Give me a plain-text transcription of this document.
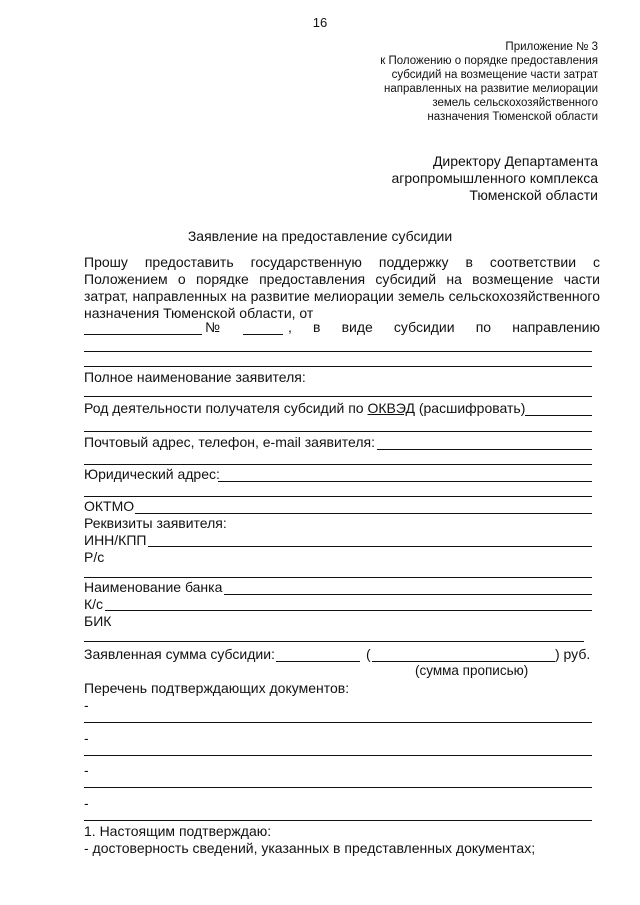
16
Приложение № 3
к Положению о порядке предоставления
субсидий на возмещение части затрат
направленных на развитие мелиорации
земель сельскохозяйственного
назначения Тюменской области
Директору Департамента
агропромышленного комплекса
Тюменской области
Заявление на предоставление субсидии
Прошу предоставить государственную поддержку в соответствии с Положением о порядке предоставления субсидий на возмещение части затрат, направленных на развитие мелиорации земель сельскохозяйственного назначения Тюменской области, от
№	, в виде субсидии по направлению
Полное наименование заявителя:
Род деятельности получателя субсидий по ОКВЭД (расшифровать)
Почтовый адрес, телефон, e-mail заявителя:
Юридический адрес:
ОКТМО
Реквизиты заявителя:
ИНН/КПП
Р/с
Наименование банка
К/с
БИК
Заявленная сумма субсидии:	(	) руб.
(сумма прописью)
Перечень подтверждающих документов:
-
-
-
-
1. Настоящим подтверждаю:
- достоверность сведений, указанных в представленных документах;
